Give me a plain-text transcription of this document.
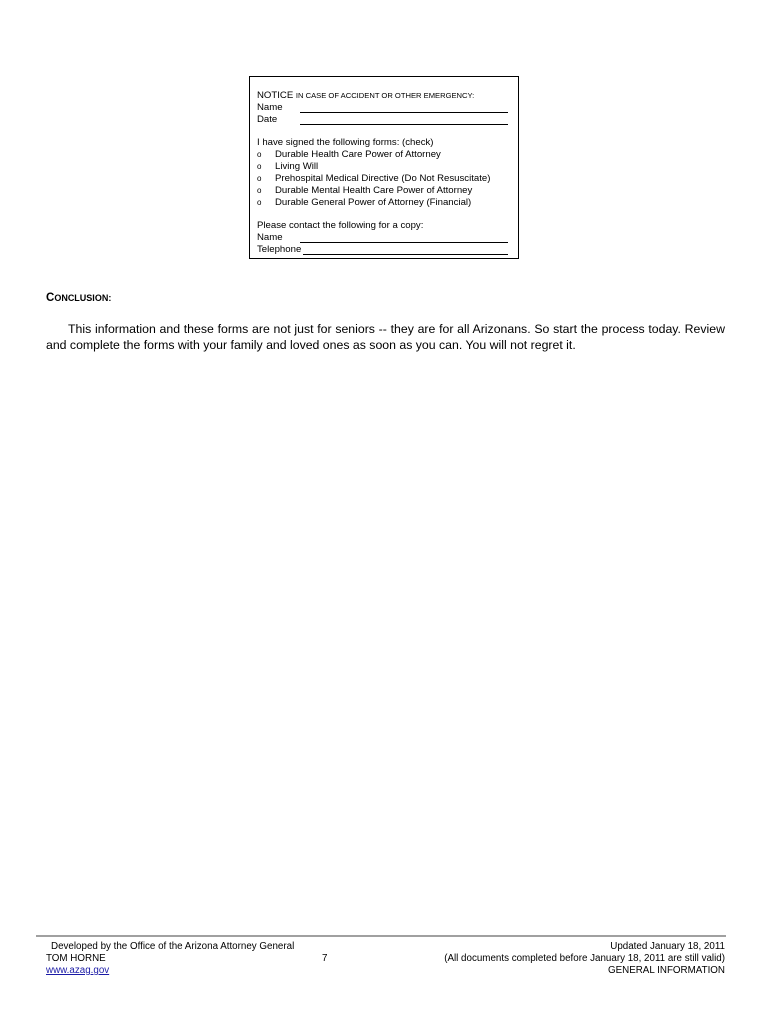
NOTICE IN CASE OF ACCIDENT OR OTHER EMERGENCY:
Name
Date
I have signed the following forms: (check)
o	Durable Health Care Power of Attorney
o	Living Will
o	Prehospital Medical Directive (Do Not Resuscitate)
o	Durable Mental Health Care Power of Attorney
o	Durable General Power of Attorney (Financial)
Please contact the following for a copy:
Name
Telephone
CONCLUSION:

This information and these forms are not just for seniors -- they are for all Arizonans. So start the process today. Review and complete the forms with your family and loved ones as soon as you can. You will not regret it.

Developed by the Office of the Arizona Attorney General
TOM HORNE
www.azag.gov
7
Updated January 18, 2011
(All documents completed before January 18, 2011 are still valid)
GENERAL INFORMATION
